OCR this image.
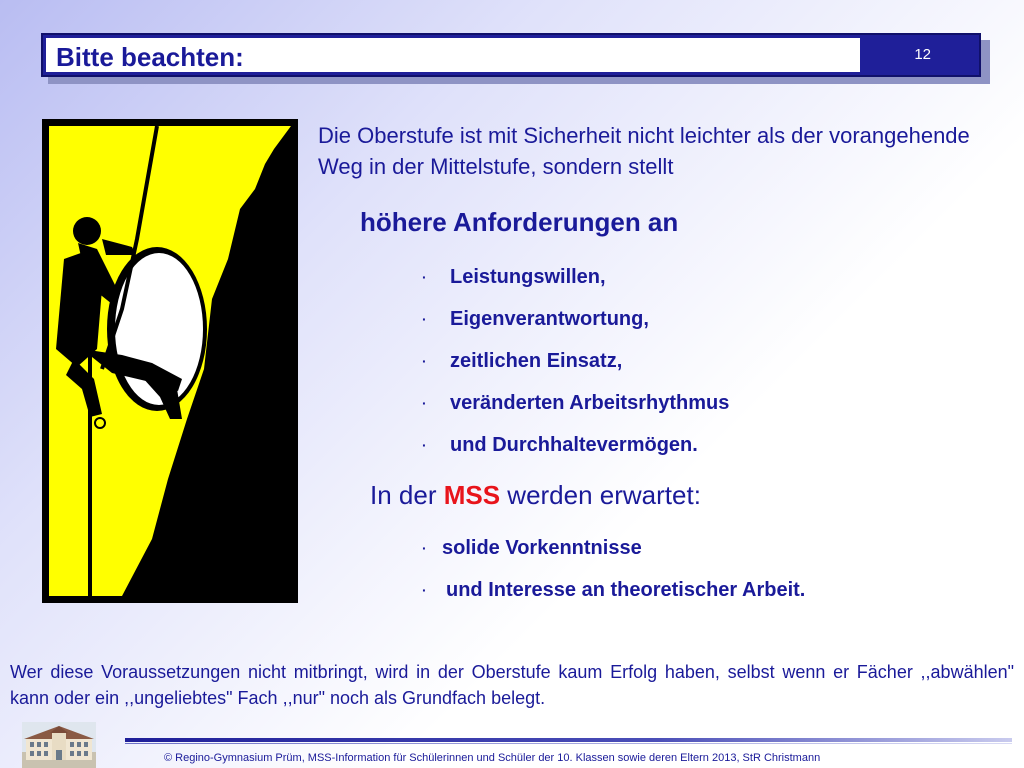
Bitte beachten:	12
Die Oberstufe ist mit Sicherheit nicht leichter als der vorangehende Weg in der Mittelstufe, sondern stellt
höhere Anforderungen an
·	Leistungswillen,
·	Eigenverantwortung,
·	zeitlichen Einsatz,
·	veränderten Arbeitsrhythmus
·	und Durchhaltevermögen.
In der MSS werden erwartet:
· solide Vorkenntnisse
· und Interesse an theoretischer Arbeit.
Wer diese Voraussetzungen nicht mitbringt, wird in der Oberstufe kaum Erfolg haben, selbst wenn er Fächer ,,abwählen" kann oder ein ,,ungeliebtes" Fach ,,nur" noch als Grundfach belegt.
© Regino-Gymnasium Prüm, MSS-Information für Schülerinnen und Schüler der 10. Klassen sowie deren Eltern 2013, StR Christmann
